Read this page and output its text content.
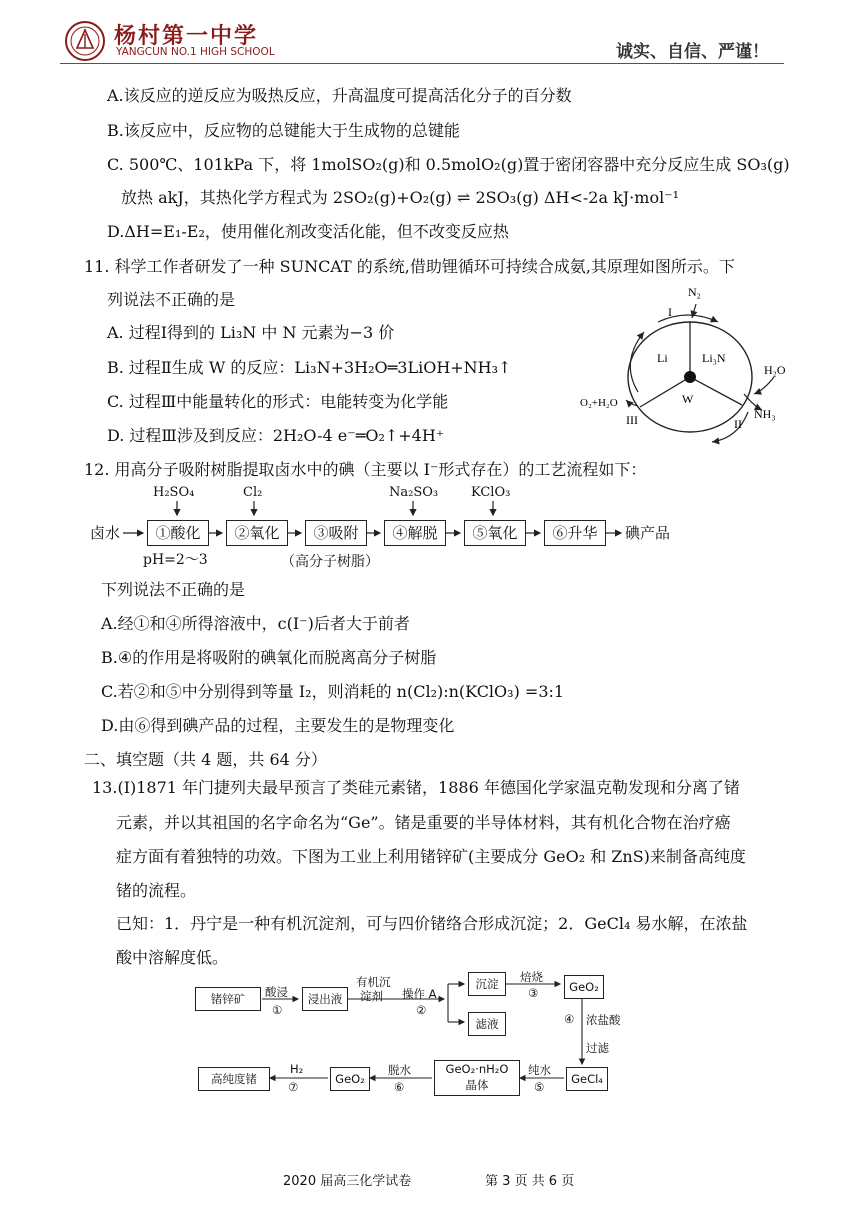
杨村第一中学
YANGCUN NO.1 HIGH SCHOOL	诚实、自信、严谨！
A.该反应的逆反应为吸热反应，升高温度可提高活化分子的百分数
B.该反应中，反应物的总键能大于生成物的总键能
C. 500℃、101kPa 下，将 1molSO₂(g)和 0.5molO₂(g)置于密闭容器中充分反应生成 SO₃(g)
放热 akJ，其热化学方程式为 2SO₂(g)+O₂(g) ⇌ 2SO₃(g) ΔH<-2a kJ·mol⁻¹
D.ΔH=E₁-E₂，使用催化剂改变活化能，但不改变反应热
11. 科学工作者研发了一种 SUNCAT 的系统,借助锂循环可持续合成氨,其原理如图所示。下
列说法不正确的是
A. 过程Ⅰ得到的 Li₃N 中 N 元素为−3 价
B. 过程Ⅱ生成 W 的反应：Li₃N+3H₂O═3LiOH+NH₃↑
C. 过程Ⅲ中能量转化的形式：电能转变为化学能
D. 过程Ⅲ涉及到反应：2H₂O-4 e⁻═O₂↑+4H⁺
N₂
I
Li	Li₃N
W
H₂O
O₂+H₂O
NH₃
III	II
12. 用高分子吸附树脂提取卤水中的碘（主要以 I⁻形式存在）的工艺流程如下：
H₂SO₄	Cl₂	Na₂SO₃	KClO₃
卤水	①酸化	②氧化	③吸附	④解脱	⑤氧化	⑥升华	碘产品
pH=2～3	（高分子树脂）
下列说法不正确的是
A.经①和④所得溶液中，c(I⁻)后者大于前者
B.④的作用是将吸附的碘氧化而脱离高分子树脂
C.若②和⑤中分别得到等量 I₂，则消耗的 n(Cl₂):n(KClO₃) =3:1
D.由⑥得到碘产品的过程，主要发生的是物理变化
二、填空题（共 4 题，共 64 分）
13.(Ⅰ)1871 年门捷列夫最早预言了类硅元素锗，1886 年德国化学家温克勒发现和分离了锗
元素，并以其祖国的名字命名为“Ge”。锗是重要的半导体材料，其有机化合物在治疗癌
症方面有着独特的功效。下图为工业上利用锗锌矿(主要成分 GeO₂ 和 ZnS)来制备高纯度
锗的流程。
已知：1．丹宁是一种有机沉淀剂，可与四价锗络合形成沉淀；2．GeCl₄ 易水解，在浓盐
酸中溶解度低。
锗锌矿	酸浸
①
浸出液
有机沉
淀剂 操作 A
②
沉淀
滤液
焙烧
③	GeO₂
④ 浓盐酸
过滤
GeCl₄
纯水
⑤
GeO₂·nH₂O
晶体
脱水
⑥
GeO₂
H₂
⑦
高纯度锗
2020 届高三化学试卷	第 3 页 共 6 页
